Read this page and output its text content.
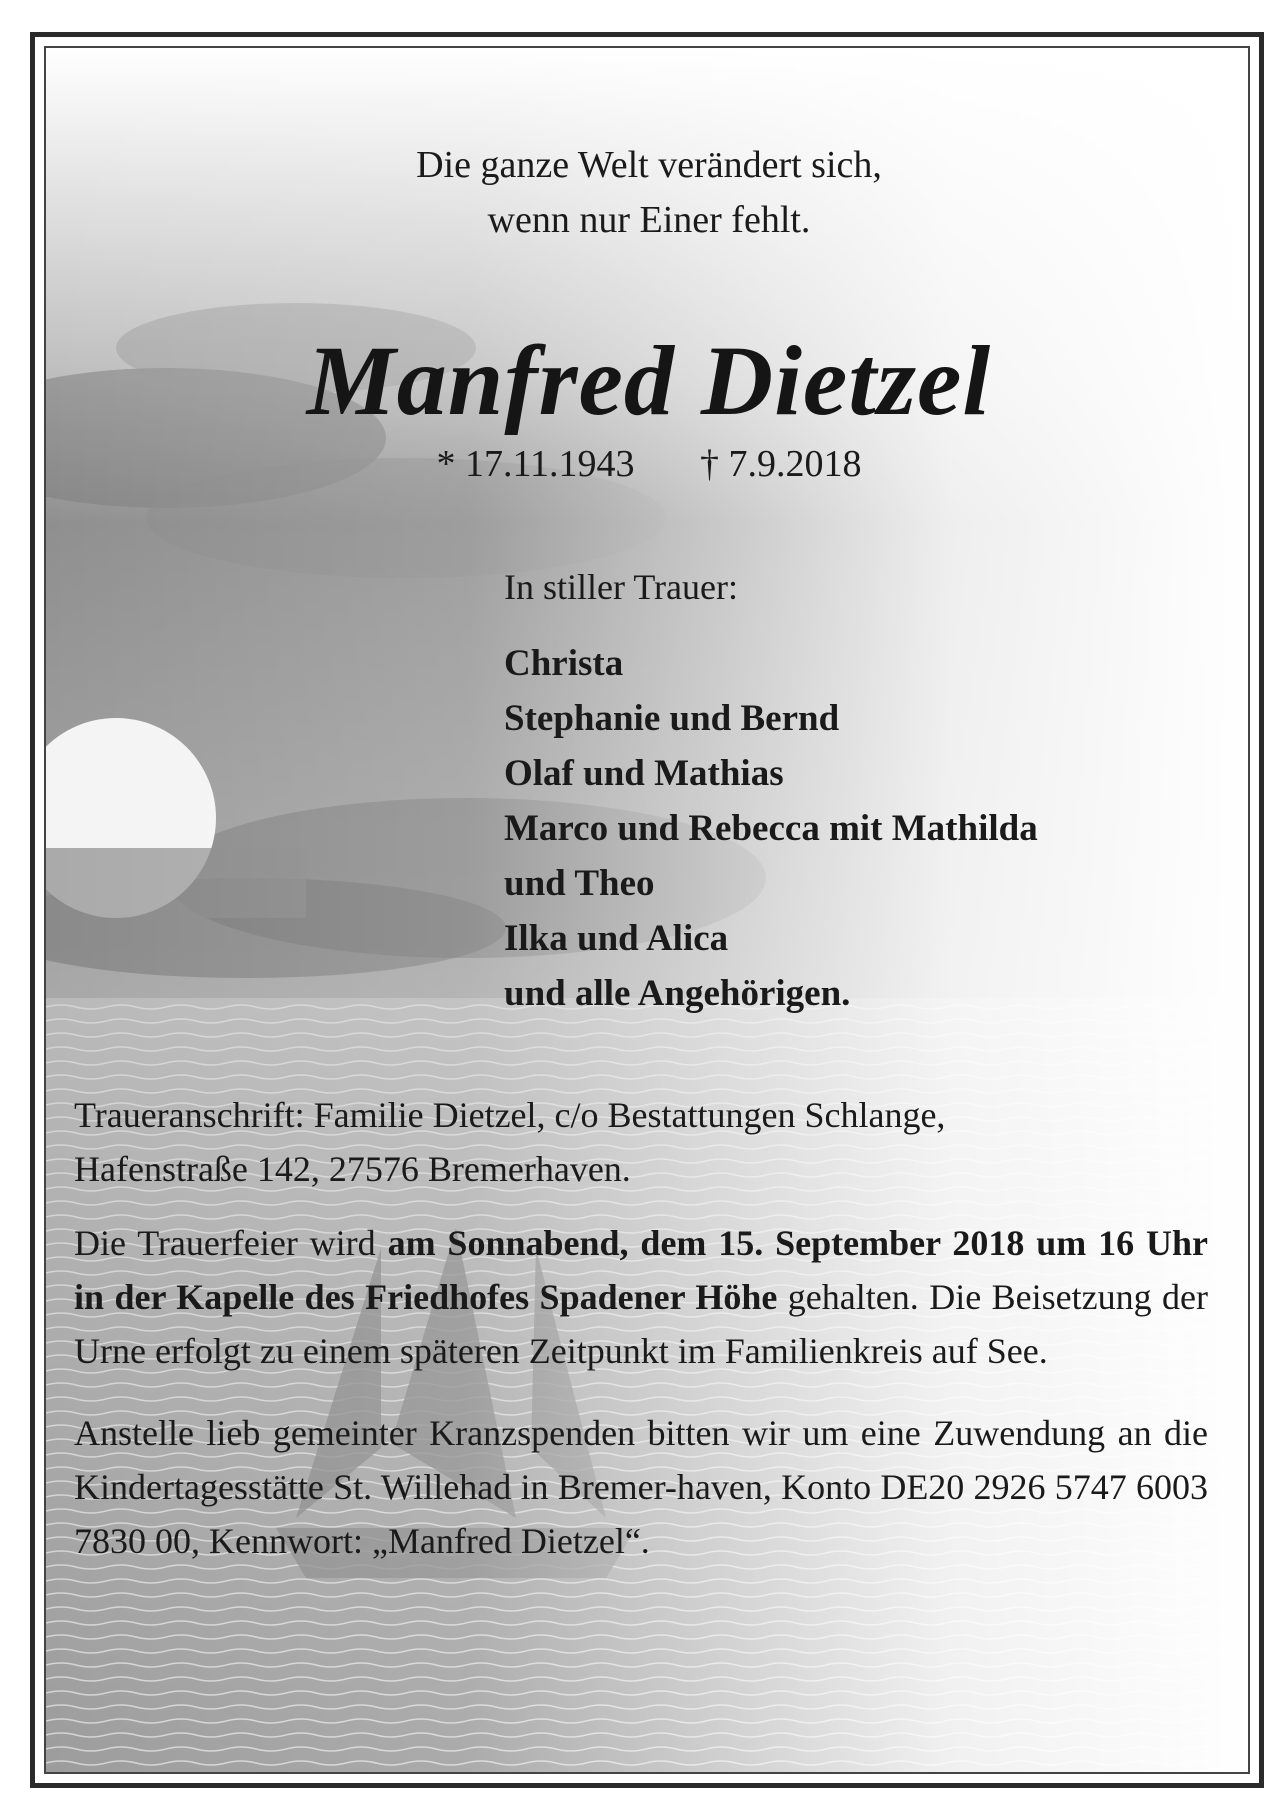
Die ganze Welt verändert sich,
wenn nur Einer fehlt.
Manfred Dietzel
* 17.11.1943 † 7.9.2018
In stiller Trauer:
Christa
Stephanie und Bernd
Olaf und Mathias
Marco und Rebecca mit Mathilda
und Theo
Ilka und Alica
und alle Angehörigen.
Traueranschrift: Familie Dietzel, c/o Bestattungen Schlange,
Hafenstraße 142, 27576 Bremerhaven.
Die Trauerfeier wird am Sonnabend, dem 15. September 2018 um 16 Uhr in der Kapelle des Friedhofes Spadener Höhe gehalten. Die Beisetzung der Urne erfolgt zu einem späteren Zeitpunkt im Familienkreis auf See.
Anstelle lieb gemeinter Kranzspenden bitten wir um eine Zuwendung an die Kindertagesstätte St. Willehad in Bremer-haven, Konto DE20 2926 5747 6003 7830 00, Kennwort: „Manfred Dietzel“.
